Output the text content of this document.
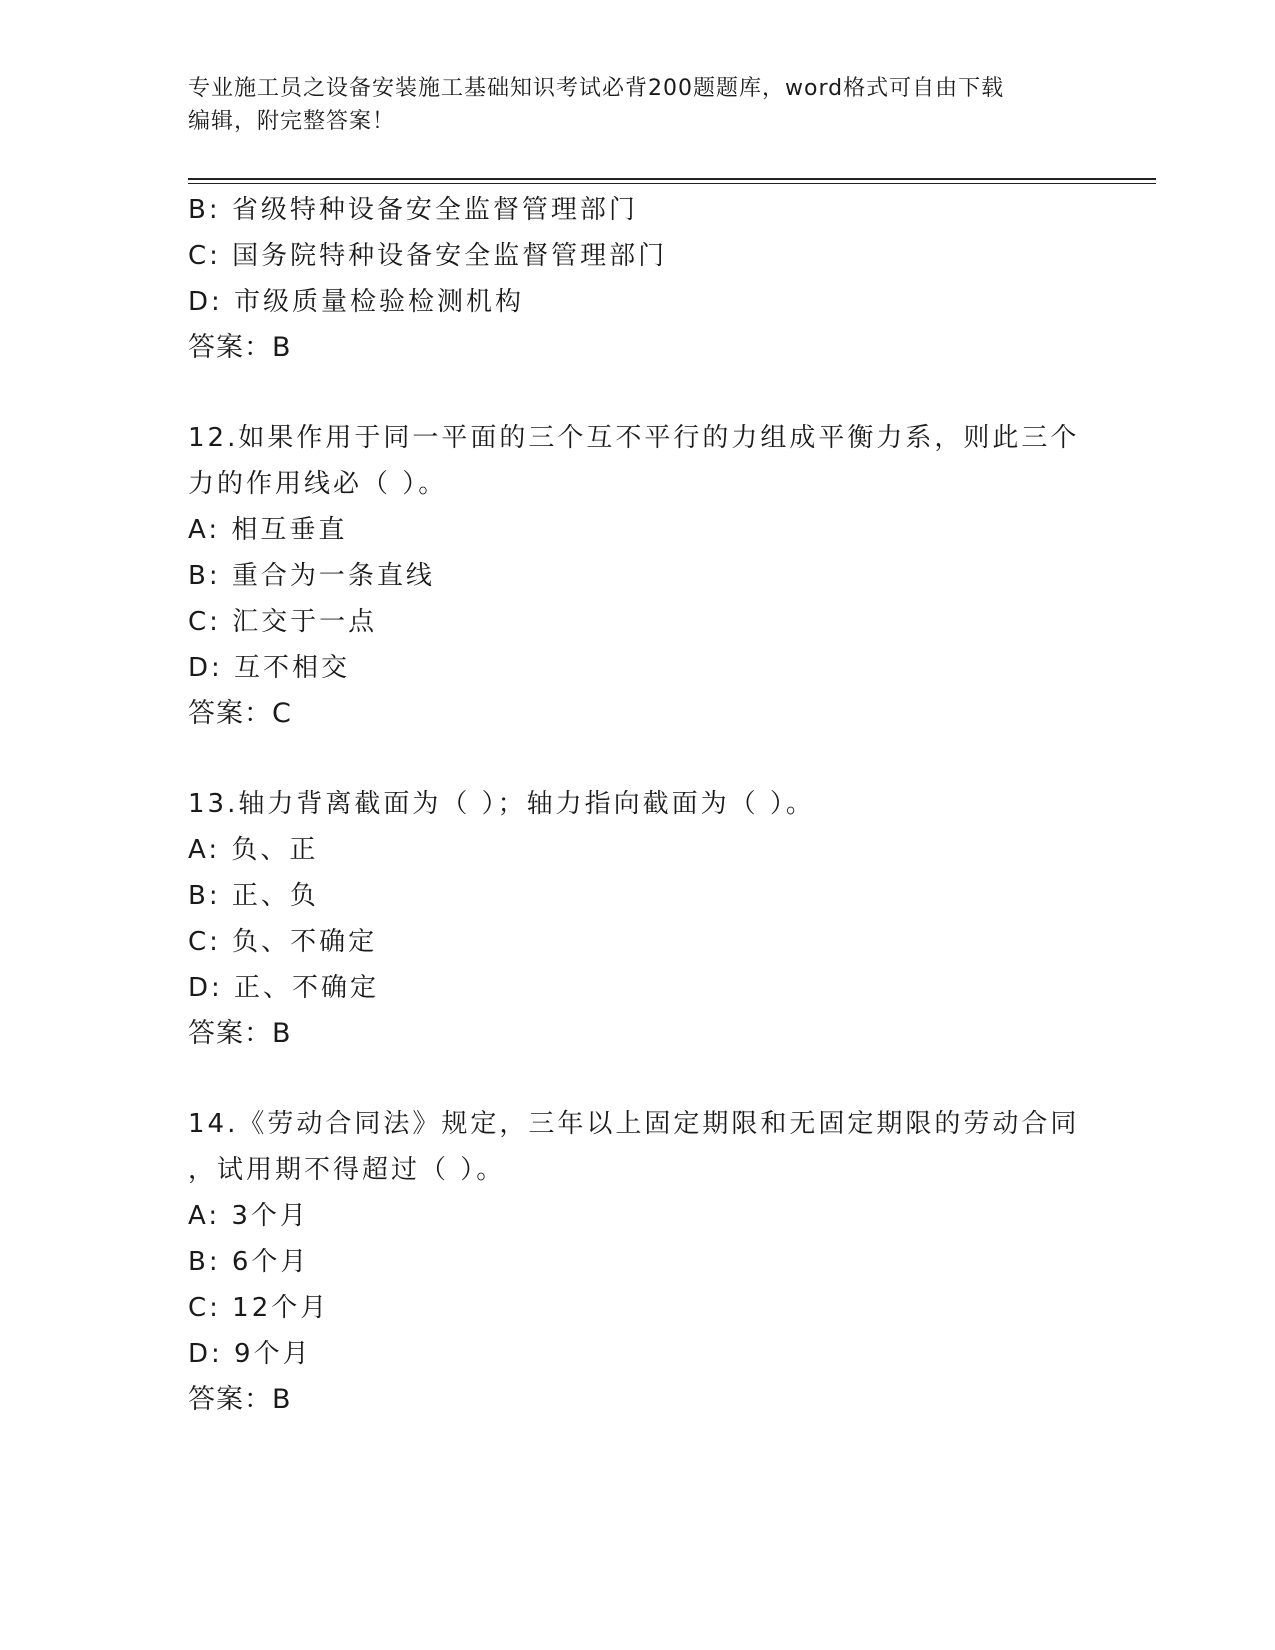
专业施工员之设备安装施工基础知识考试必背200题题库，word格式可自由下载
编辑，附完整答案！
B: 省级特种设备安全监督管理部门
C: 国务院特种设备安全监督管理部门
D: 市级质量检验检测机构
答案：B
12.如果作用于同一平面的三个互不平行的力组成平衡力系，则此三个
力的作用线必（ ）。
A: 相互垂直
B: 重合为一条直线
C: 汇交于一点
D: 互不相交
答案：C
13.轴力背离截面为（ ）；轴力指向截面为（ ）。
A: 负、正
B: 正、负
C: 负、不确定
D: 正、不确定
答案：B
14.《劳动合同法》规定，三年以上固定期限和无固定期限的劳动合同
，试用期不得超过（ ）。
A: 3个月
B: 6个月
C: 12个月
D: 9个月
答案：B
